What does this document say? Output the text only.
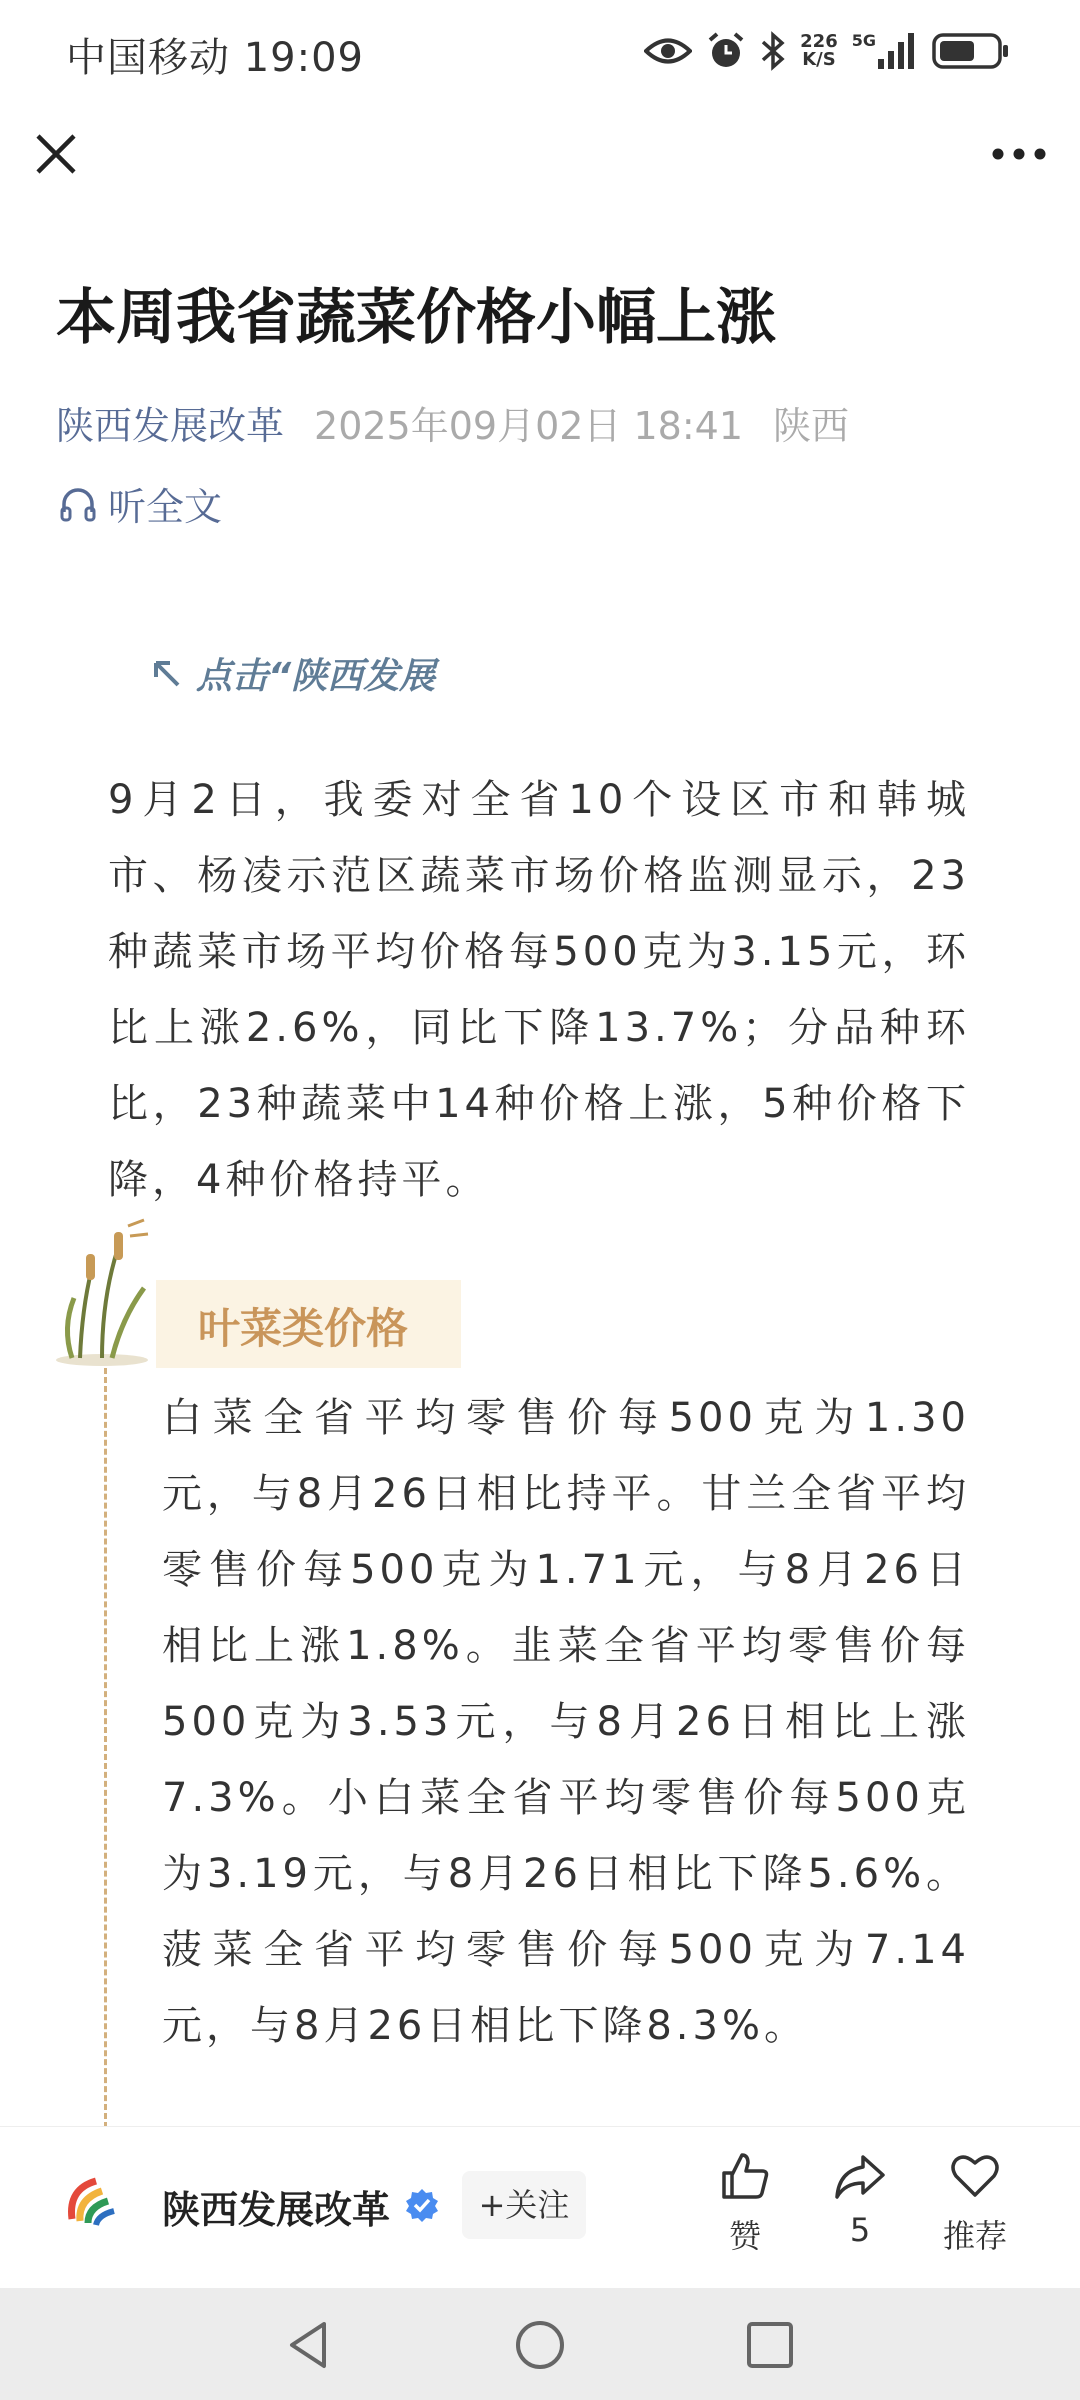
中国移动 19:09	226
K/S
5G
本周我省蔬菜价格小幅上涨
陕西发展改革 2025年09月02日 18:41 陕西
听全文
点击“陕西发展
9月2日，我委对全省10个设区市和韩城市、杨凌示范区蔬菜市场价格监测显示，23种蔬菜市场平均价格每500克为3.15元，环比上涨2.6%，同比下降13.7%；分品种环比，23种蔬菜中14种价格上涨，5种价格下降，4种价格持平。
叶菜类价格
白菜全省平均零售价每500克为1.30元，与8月26日相比持平。甘兰全省平均零售价每500克为1.71元，与8月26日相比上涨1.8%。韭菜全省平均零售价每500克为3.53元，与8月26日相比上涨7.3%。小白菜全省平均零售价每500克为3.19元，与8月26日相比下降5.6%。菠菜全省平均零售价每500克为7.14元，与8月26日相比下降8.3%。
陕西发展改革	+关注
赞	5	推荐
